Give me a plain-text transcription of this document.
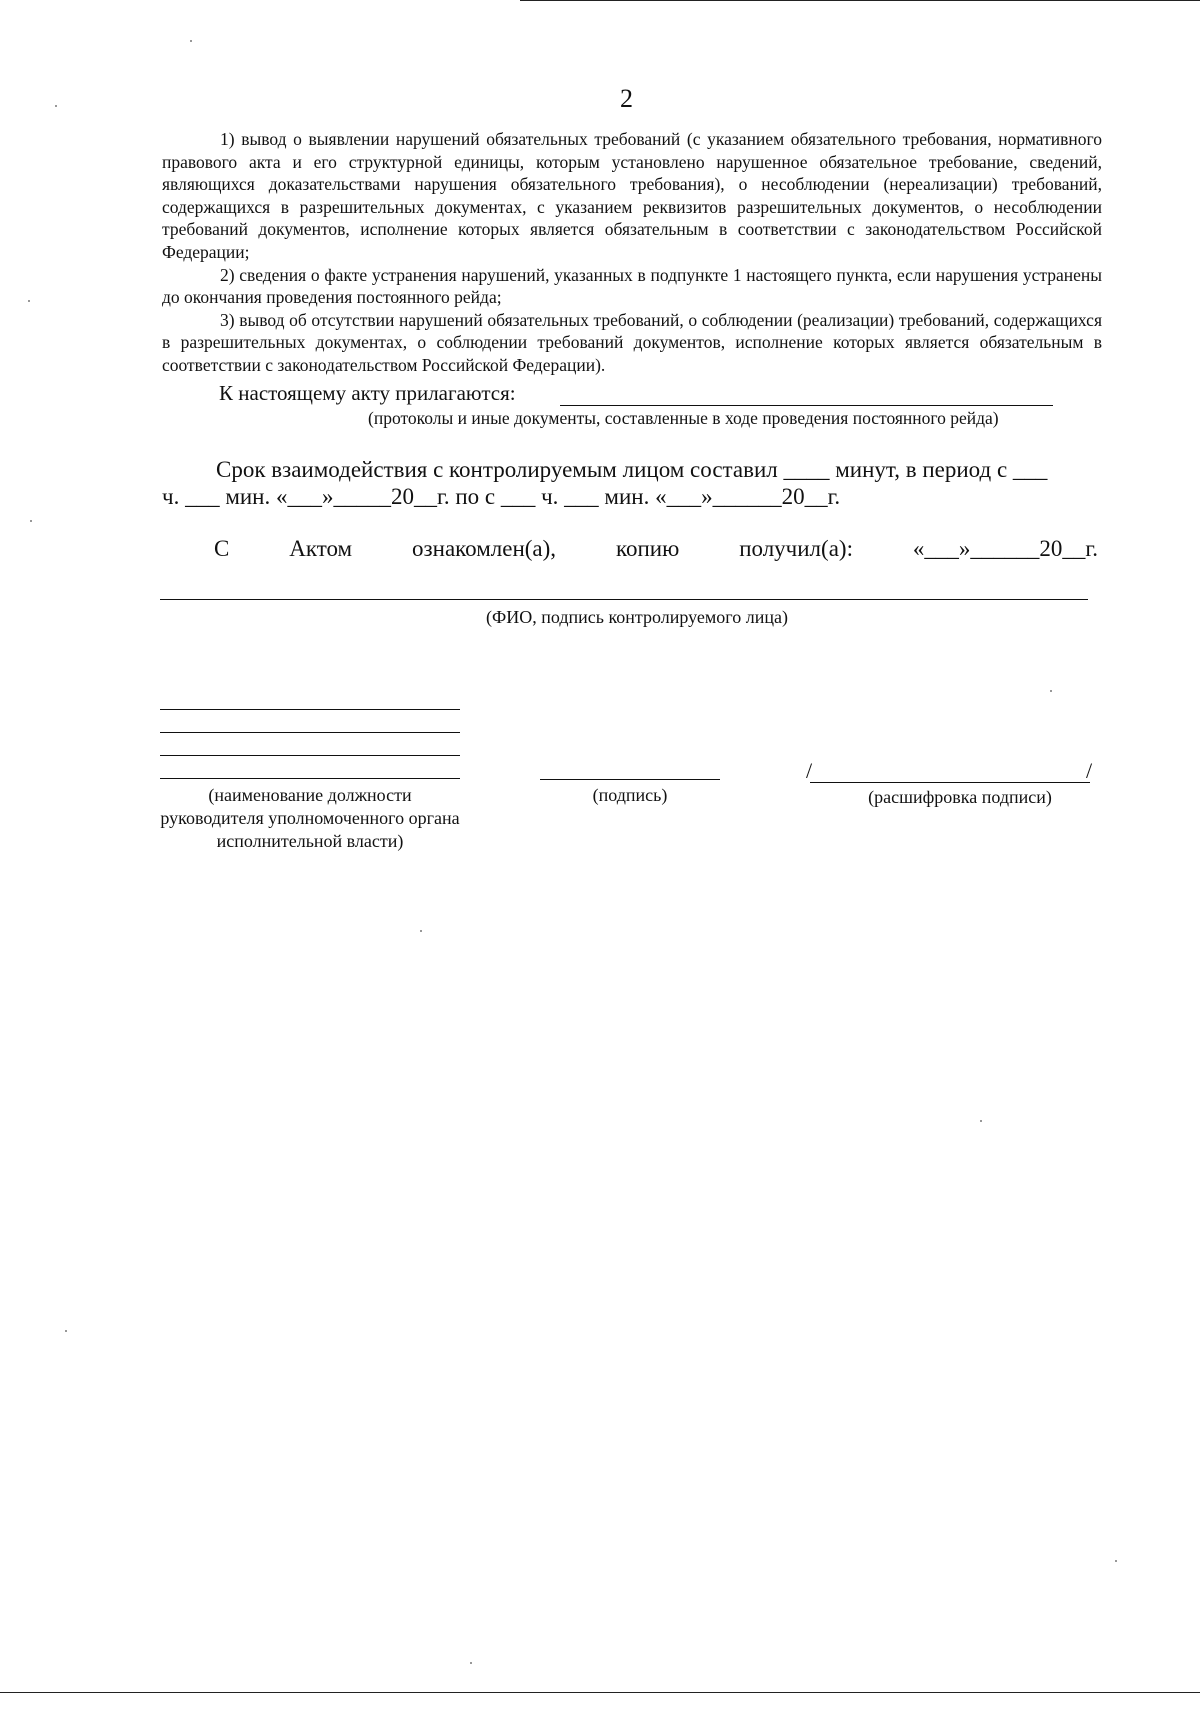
2

1) вывод о выявлении нарушений обязательных требований (с указанием обязательного требования, нормативного правового акта и его структурной единицы, которым установлено нарушенное обязательное требование, сведений, являющихся доказательствами нарушения обязательного требования), о несоблюдении (нереализации) требований, содержащихся в разрешительных документах, с указанием реквизитов разрешительных документов, о несоблюдении требований документов, исполнение которых является обязательным в соответствии с законодательством Российской Федерации;

2) сведения о факте устранения нарушений, указанных в подпункте 1 настоящего пункта, если нарушения устранены до окончания проведения постоянного рейда;

3) вывод об отсутствии нарушений обязательных требований, о соблюдении (реализации) требований, содержащихся в разрешительных документах, о соблюдении требований документов, исполнение которых является обязательным в соответствии с законодательством Российской Федерации).

К настоящему акту прилагаются:
(протоколы и иные документы, составленные в ходе проведения постоянного рейда)
Срок взаимодействия с контролируемым лицом составил ____ минут, в период с ___
ч. ___ мин. «___»_____20__г. по с ___ ч. ___ мин. «___»______20__г.
С	Актом	ознакомлен(а),	копию	получил(а):	«___»______20__г.
(ФИО, подпись контролируемого лица)
(наименование должности руководителя уполномоченного органа исполнительной власти)
(подпись)
/	/
(расшифровка подписи)
